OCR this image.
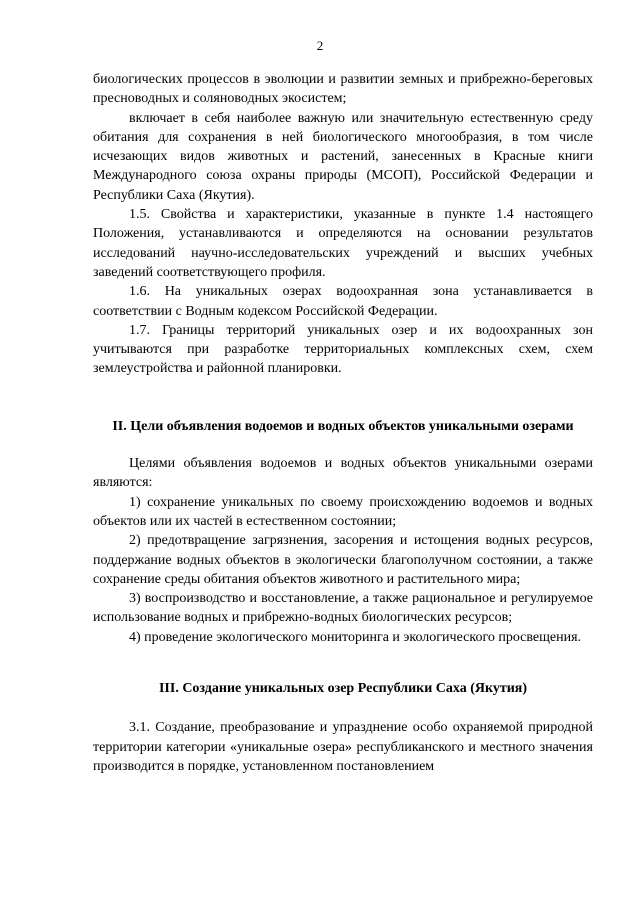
2

биологических процессов в эволюции и развитии земных и прибрежно-береговых пресноводных и соляноводных экосистем;

включает в себя наиболее важную или значительную естественную среду обитания для сохранения в ней биологического многообразия, в том числе исчезающих видов животных и растений, занесенных в Красные книги Международного союза охраны природы (МСОП), Российской Федерации и Республики Саха (Якутия).

1.5. Свойства и характеристики, указанные в пункте 1.4 настоящего Положения, устанавливаются и определяются на основании результатов исследований научно-исследовательских учреждений и высших учебных заведений соответствующего профиля.

1.6. На уникальных озерах водоохранная зона устанавливается в соответствии с Водным кодексом Российской Федерации.

1.7. Границы территорий уникальных озер и их водоохранных зон учитываются при разработке территориальных комплексных схем, схем землеустройства и районной планировки.

II. Цели объявления водоемов и водных объектов уникальными озерами

Целями объявления водоемов и водных объектов уникальными озерами являются:

1) сохранение уникальных по своему происхождению водоемов и водных объектов или их частей в естественном состоянии;

2) предотвращение загрязнения, засорения и истощения водных ресурсов, поддержание водных объектов в экологически благополучном состоянии, а также сохранение среды обитания объектов животного и растительного мира;

3) воспроизводство и восстановление, а также рациональное и регулируемое использование водных и прибрежно-водных биологических ресурсов;

4) проведение экологического мониторинга и экологического просвещения.

III. Создание уникальных озер Республики Саха (Якутия)

3.1. Создание, преобразование и упразднение особо охраняемой природной территории категории «уникальные озера» республиканского и местного значения производится в порядке, установленном постановлением
